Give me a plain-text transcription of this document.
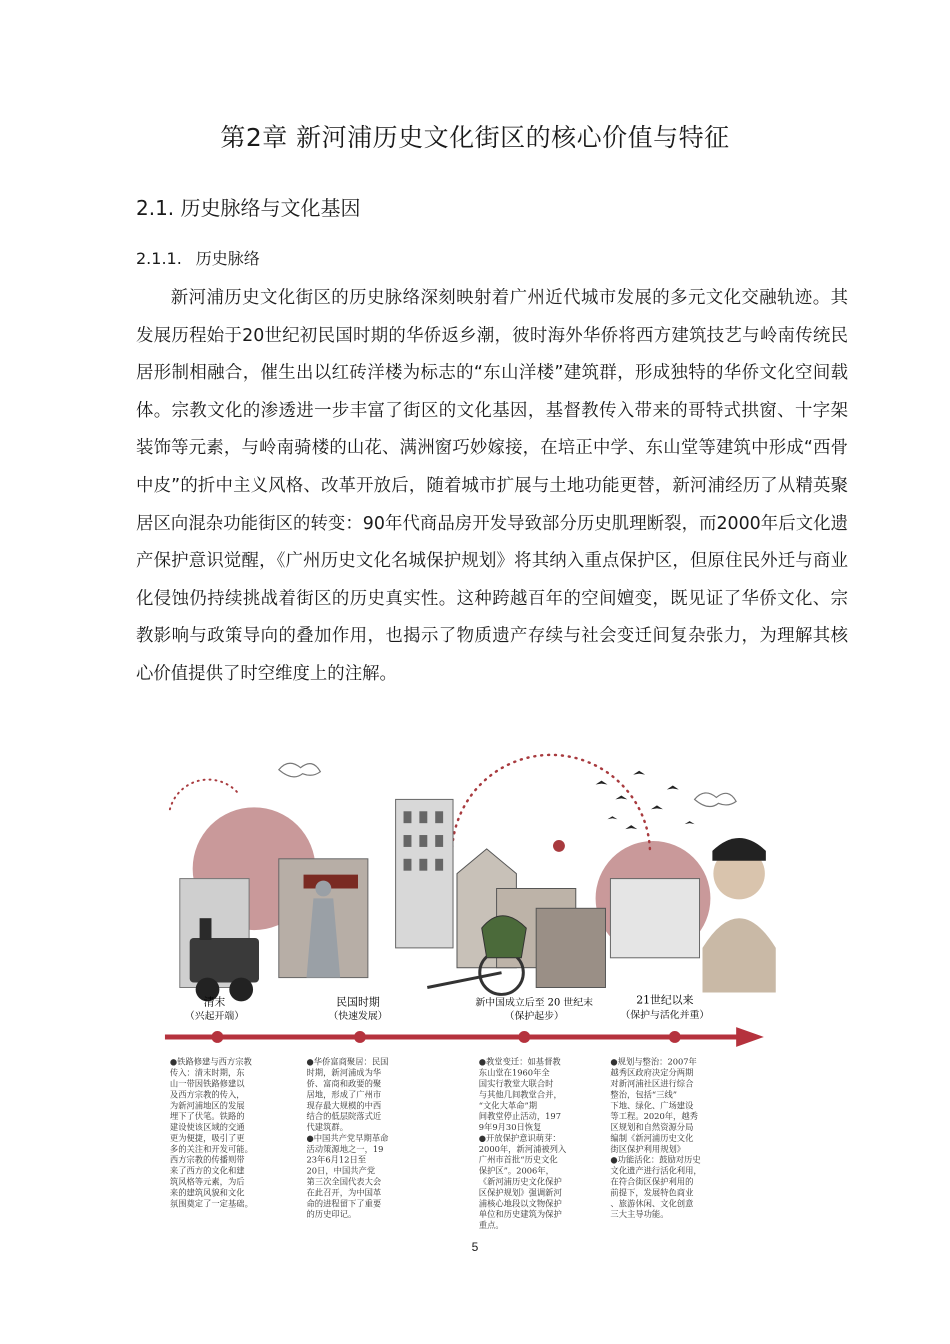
第2章 新河浦历史文化街区的核心价值与特征
2.1. 历史脉络与文化基因
2.1.1. 历史脉络

新河浦历史文化街区的历史脉络深刻映射着广州近代城市发展的多元文化交融轨迹。其发展历程始于20世纪初民国时期的华侨返乡潮，彼时海外华侨将西方建筑技艺与岭南传统民居形制相融合，催生出以红砖洋楼为标志的“东山洋楼”建筑群，形成独特的华侨文化空间载体。宗教文化的渗透进一步丰富了街区的文化基因，基督教传入带来的哥特式拱窗、十字架装饰等元素，与岭南骑楼的山花、满洲窗巧妙嫁接，在培正中学、东山堂等建筑中形成“西骨中皮”的折中主义风格、改革开放后，随着城市扩展与土地功能更替，新河浦经历了从精英聚居区向混杂功能街区的转变：90年代商品房开发导致部分历史肌理断裂，而2000年后文化遗产保护意识觉醒，《广州历史文化名城保护规划》将其纳入重点保护区，但原住民外迁与商业化侵蚀仍持续挑战着街区的历史真实性。这种跨越百年的空间嬗变，既见证了华侨文化、宗教影响与政策导向的叠加作用，也揭示了物质遗产存续与社会变迁间复杂张力，为理解其核心价值提供了时空维度上的注解。

清末
（兴起开端）
民国时期
（快速发展）
新中国成立后至 20 世纪末
（保护起步）
21世纪以来
（保护与活化并重）
●铁路修建与西方宗教
传入：清末时期，东
山一带因铁路修建以
及西方宗教的传入，
为新河浦地区的发展
埋下了伏笔。铁路的
建设使该区域的交通
更为便捷，吸引了更
多的关注和开发可能。
西方宗教的传播则带
来了西方的文化和建
筑风格等元素，为后
来的建筑风貌和文化
氛围奠定了一定基础。
●华侨富商聚居：民国
时期，新河浦成为华
侨、富商和政要的聚
居地，形成了广州市
现存最大规模的中西
结合的低层院落式近
代建筑群。
●中国共产党早期革命
活动策源地之一，19
23年6月12日至
20日，中国共产党
第三次全国代表大会
在此召开，为中国革
命的进程留下了重要
的历史印记。
●教堂变迁：如基督教
东山堂在1960年全
国实行教堂大联合时
与其他几间教堂合并，
“文化大革命”期
间教堂停止活动，197
9年9月30日恢复
●开放保护意识萌芽：
2000年，新河浦被列入
广州市首批“历史文化
保护区”。2006年，
《新河浦历史文化保护
区保护规划》强调新河
浦核心地段以文物保护
单位和历史建筑为保护
重点。
●规划与整治：2007年
越秀区政府决定分两期
对新河浦社区进行综合
整治，包括“三线”
下地、绿化、广场建设
等工程。2020年，越秀
区规划和自然资源分局
编制《新河浦历史文化
街区保护利用规划》
●功能活化：鼓励对历史
文化遗产进行活化利用，
在符合街区保护利用的
前提下，发展特色商业
、旅游休闲、文化创意
三大主导功能。
5
